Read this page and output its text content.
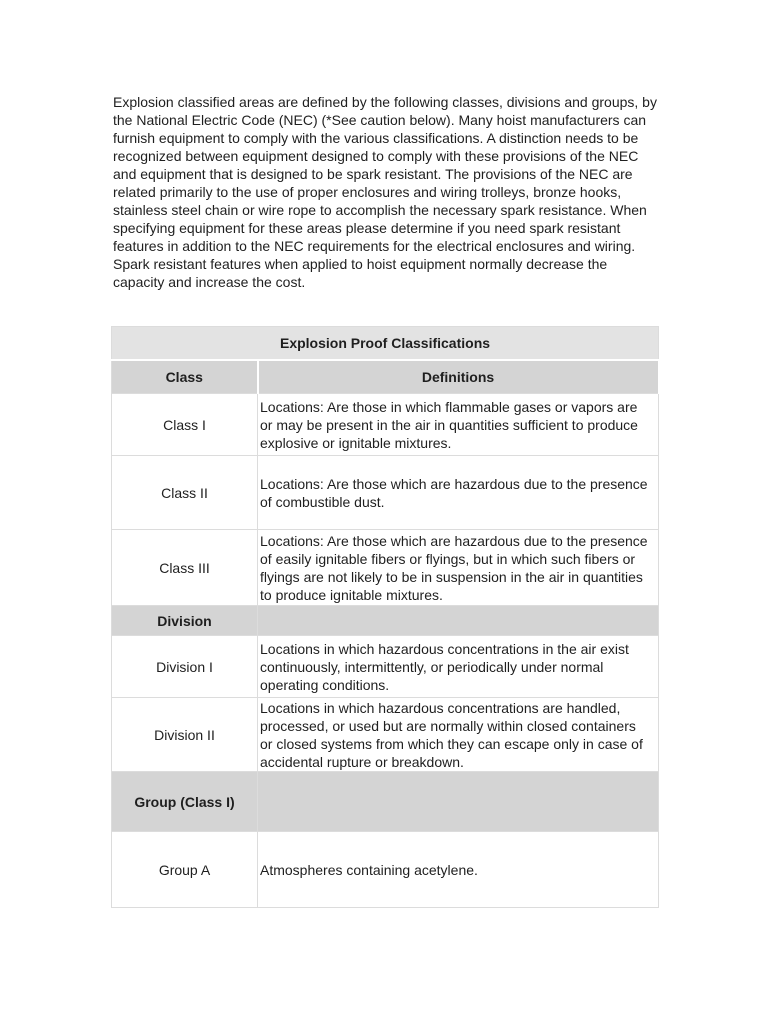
Explosion classified areas are defined by the following classes, divisions and groups, by the National Electric Code (NEC) (*See caution below). Many hoist manufacturers can furnish equipment to comply with the various classifications. A distinction needs to be recognized between equipment designed to comply with these provisions of the NEC and equipment that is designed to be spark resistant. The provisions of the NEC are related primarily to the use of proper enclosures and wiring trolleys, bronze hooks, stainless steel chain or wire rope to accomplish the necessary spark resistance. When specifying equipment for these areas please determine if you need spark resistant features in addition to the NEC requirements for the electrical enclosures and wiring. Spark resistant features when applied to hoist equipment normally decrease the capacity and increase the cost.

Explosion Proof Classifications	
Class	Definitions
Class I	Locations: Are those in which flammable gases or vapors are or may be present in the air in quantities sufficient to produce explosive or ignitable mixtures.
Class II	Locations: Are those which are hazardous due to the presence of combustible dust.
Class III	Locations: Are those which are hazardous due to the presence of easily ignitable fibers or flyings, but in which such fibers or flyings are not likely to be in suspension in the air in quantities to produce ignitable mixtures.
Division	
Division I	Locations in which hazardous concentrations in the air exist continuously, intermittently, or periodically under normal operating conditions.
Division II	Locations in which hazardous concentrations are handled, processed, or used but are normally within closed containers or closed systems from which they can escape only in case of accidental rupture or breakdown.
Group (Class I)	
Group A	Atmospheres containing acetylene.
